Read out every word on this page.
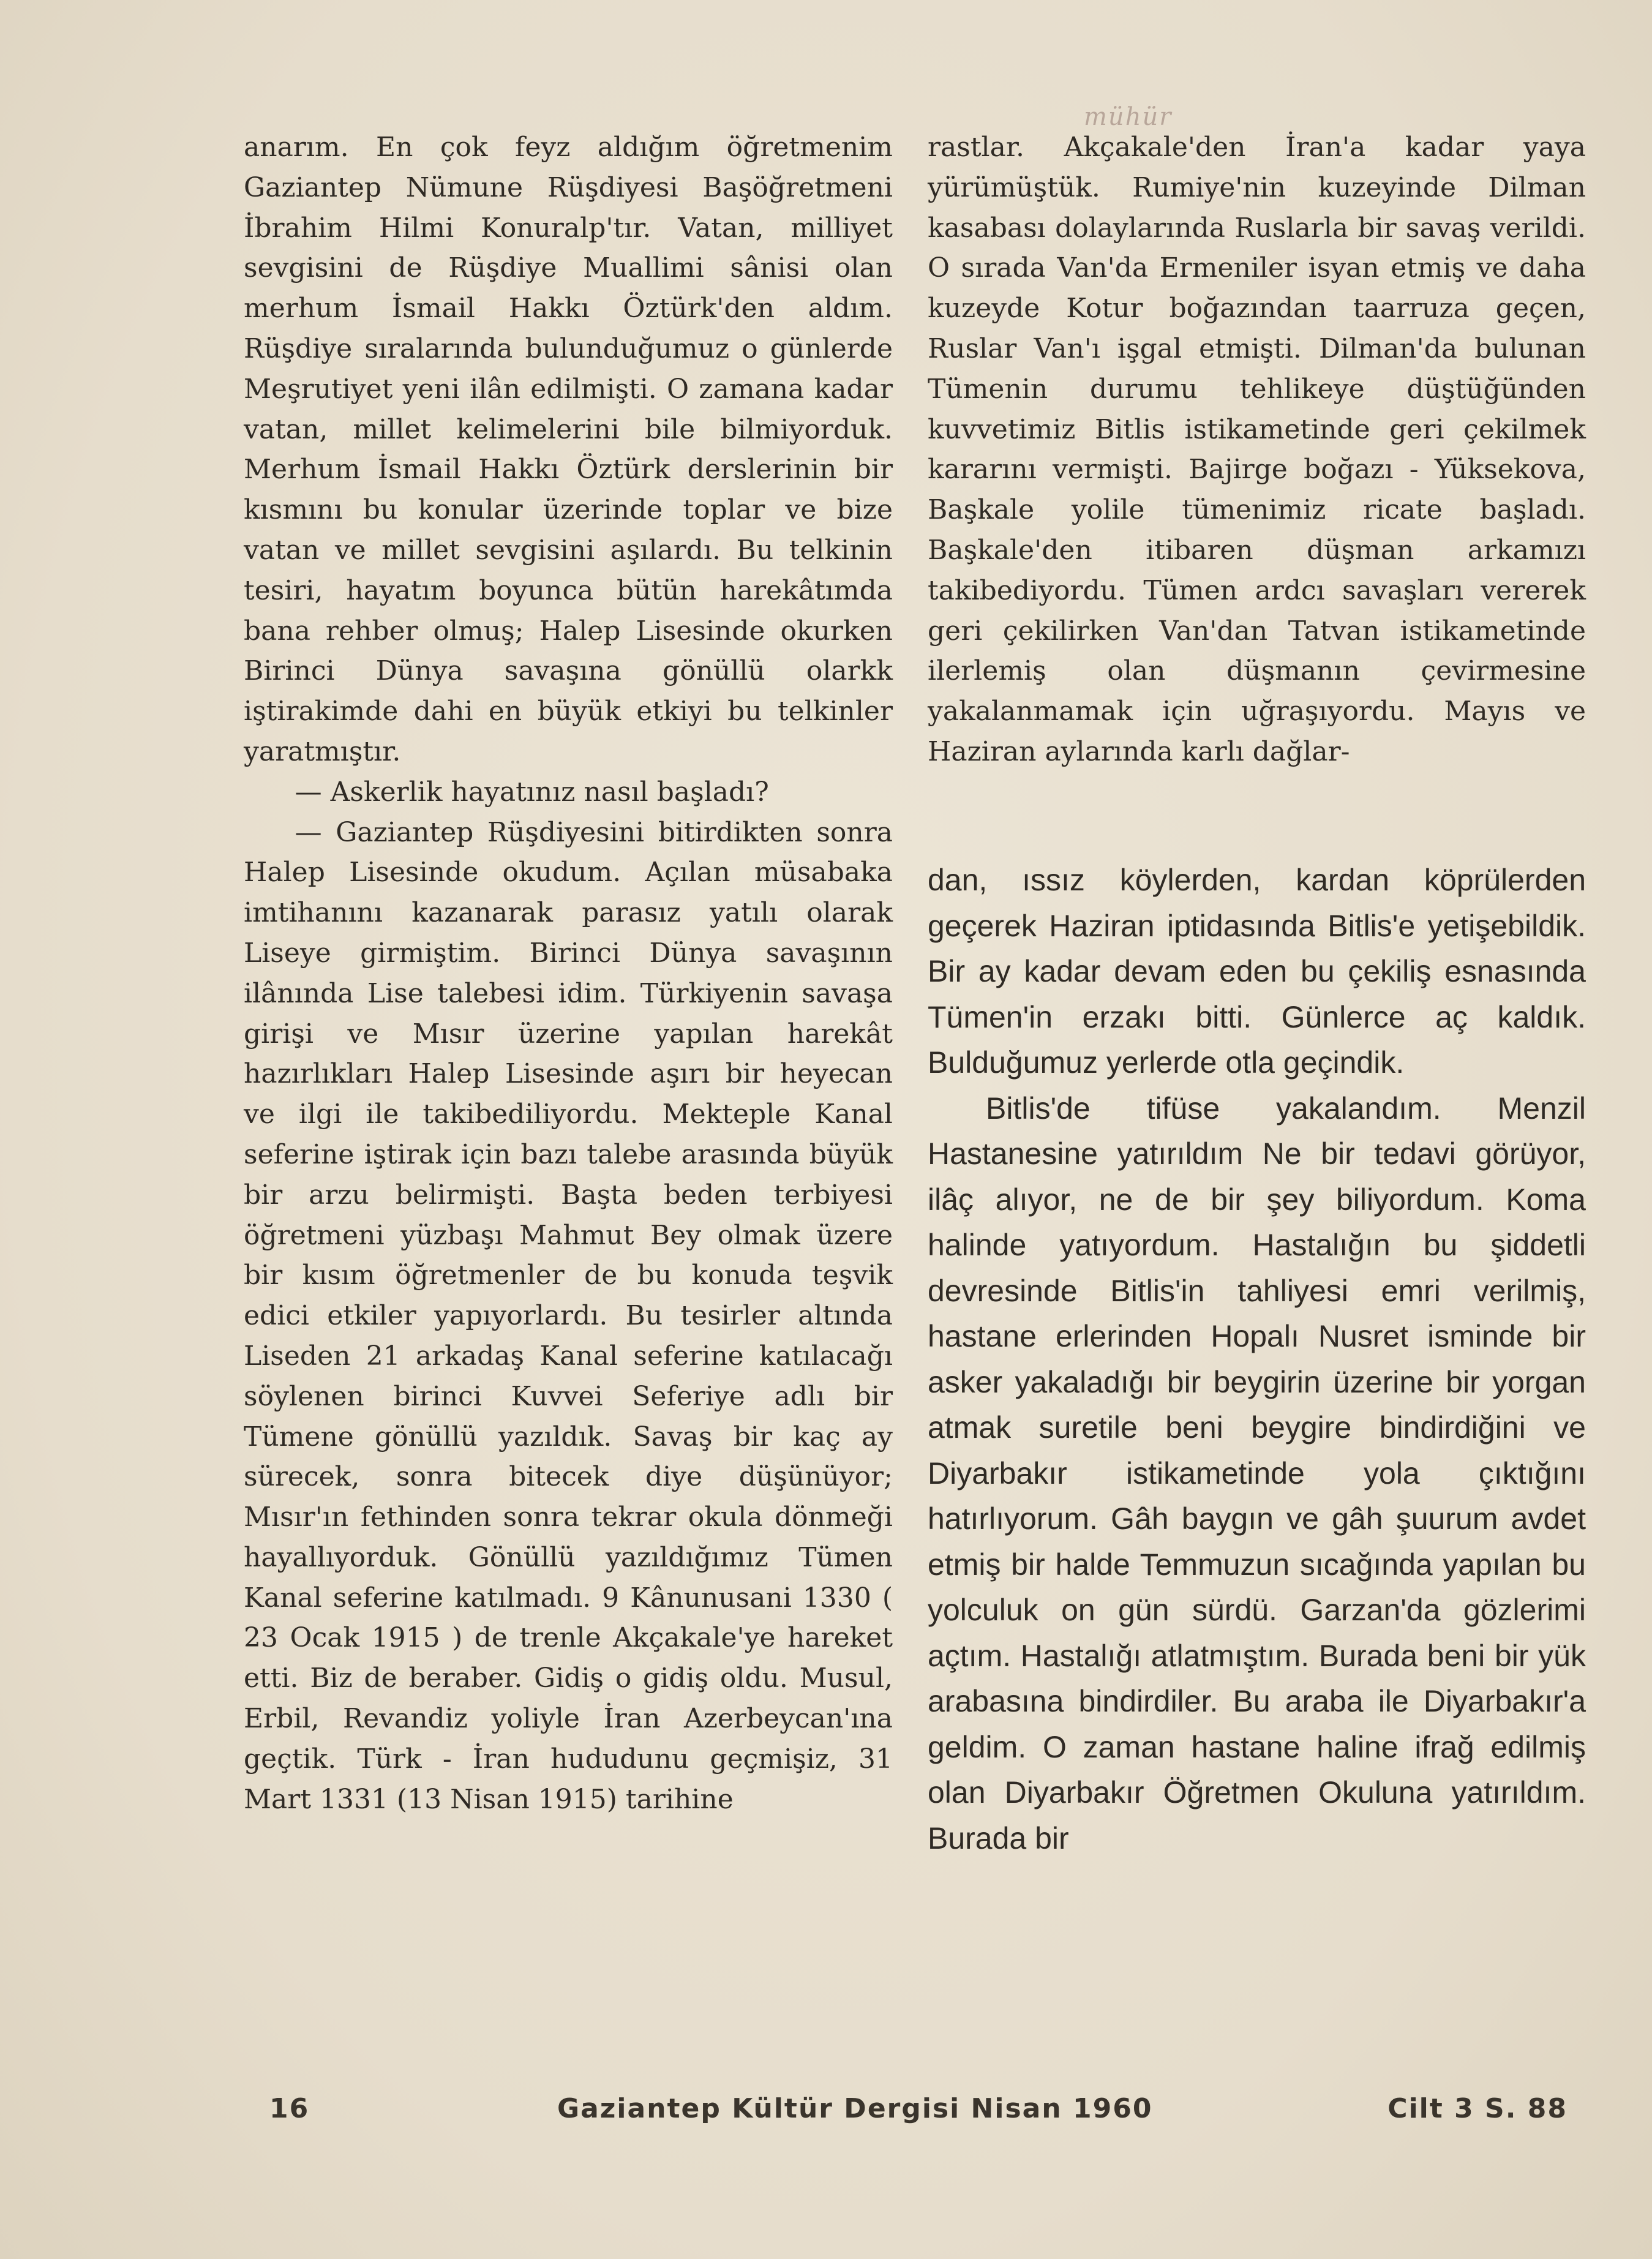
mühür

anarım. En çok feyz aldığım öğretmenim Gaziantep Nümune Rüşdiyesi Başöğretmeni İbrahim Hilmi Konuralp'tır. Vatan, milliyet sevgisini de Rüşdiye Muallimi sânisi olan merhum İsmail Hakkı Öztürk'den aldım. Rüşdiye sıralarında bulunduğumuz o günlerde Meşrutiyet yeni ilân edilmişti. O zamana kadar vatan, millet kelimelerini bile bilmiyorduk. Merhum İsmail Hakkı Öztürk derslerinin bir kısmını bu konular üzerinde toplar ve bize vatan ve millet sevgisini aşılardı. Bu telkinin tesiri, hayatım boyunca bütün harekâtımda bana rehber olmuş; Halep Lisesinde okurken Birinci Dünya savaşına gönüllü olarkk iştirakimde dahi en büyük etkiyi bu telkinler yaratmıştır.

— Askerlik hayatınız nasıl başladı?

— Gaziantep Rüşdiyesini bitirdikten sonra Halep Lisesinde okudum. Açılan müsabaka imtihanını kazanarak parasız yatılı olarak Liseye girmiştim. Birinci Dünya savaşının ilânında Lise talebesi idim. Türkiyenin savaşa girişi ve Mısır üzerine yapılan harekât hazırlıkları Halep Lisesinde aşırı bir heyecan ve ilgi ile takibediliyordu. Mekteple Kanal seferine iştirak için bazı talebe arasında büyük bir arzu belirmişti. Başta beden terbiyesi öğretmeni yüzbaşı Mahmut Bey olmak üzere bir kısım öğretmenler de bu konuda teşvik edici etkiler yapıyorlardı. Bu tesirler altında Liseden 21 arkadaş Kanal seferine katılacağı söylenen birinci Kuvvei Seferiye adlı bir Tümene gönüllü yazıldık. Savaş bir kaç ay sürecek, sonra bitecek diye düşünüyor; Mısır'ın fethinden sonra tekrar okula dönmeği hayallıyorduk. Gönüllü yazıldığımız Tümen Kanal seferine katılmadı. 9 Kânunusani 1330 ( 23 Ocak 1915 ) de trenle Akçakale'ye hareket etti. Biz de beraber. Gidiş o gidiş oldu. Musul, Erbil, Revandiz yoliyle İran Azerbeycan'ına geçtik. Türk - İran hududunu geçmişiz, 31 Mart 1331 (13 Nisan 1915) tarihine

rastlar. Akçakale'den İran'a kadar yaya yürümüştük. Rumiye'nin kuzeyinde Dilman kasabası dolaylarında Ruslarla bir savaş verildi. O sırada Van'da Ermeniler isyan etmiş ve daha kuzeyde Kotur boğazından taarruza geçen, Ruslar Van'ı işgal etmişti. Dilman'da bulunan Tümenin durumu tehlikeye düştüğünden kuvvetimiz Bitlis istikametinde geri çekilmek kararını vermişti. Bajirge boğazı - Yüksekova, Başkale yolile tümenimiz ricate başladı. Başkale'den itibaren düşman arkamızı takibediyordu. Tümen ardcı savaşları vererek geri çekilirken Van'dan Tatvan istikametinde ilerlemiş olan düşmanın çevirmesine yakalanmamak için uğraşıyordu. Mayıs ve Haziran aylarında karlı dağlar-

dan, ıssız köylerden, kardan köprülerden geçerek Haziran iptidasında Bitlis'e yetişebildik. Bir ay kadar devam eden bu çekiliş esnasında Tümen'in erzakı bitti. Günlerce aç kaldık. Bulduğumuz yerlerde otla geçindik.

Bitlis'de tifüse yakalandım. Menzil Hastanesine yatırıldım Ne bir tedavi görüyor, ilâç alıyor, ne de bir şey biliyordum. Koma halinde yatıyordum. Hastalığın bu şiddetli devresinde Bitlis'in tahliyesi emri verilmiş, hastane erlerinden Hopalı Nusret isminde bir asker yakaladığı bir beygirin üzerine bir yorgan atmak suretile beni beygire bindirdiğini ve Diyarbakır istikametinde yola çıktığını hatırlıyorum. Gâh baygın ve gâh şuurum avdet etmiş bir halde Temmuzun sıcağında yapılan bu yolculuk on gün sürdü. Garzan'da gözlerimi açtım. Hastalığı atlatmıştım. Burada beni bir yük arabasına bindirdiler. Bu araba ile Diyarbakır'a geldim. O zaman hastane haline ifrağ edilmiş olan Diyarbakır Öğretmen Okuluna yatırıldım. Burada bir

16	Gaziantep Kültür Dergisi Nisan 1960	Cilt 3 S. 88
